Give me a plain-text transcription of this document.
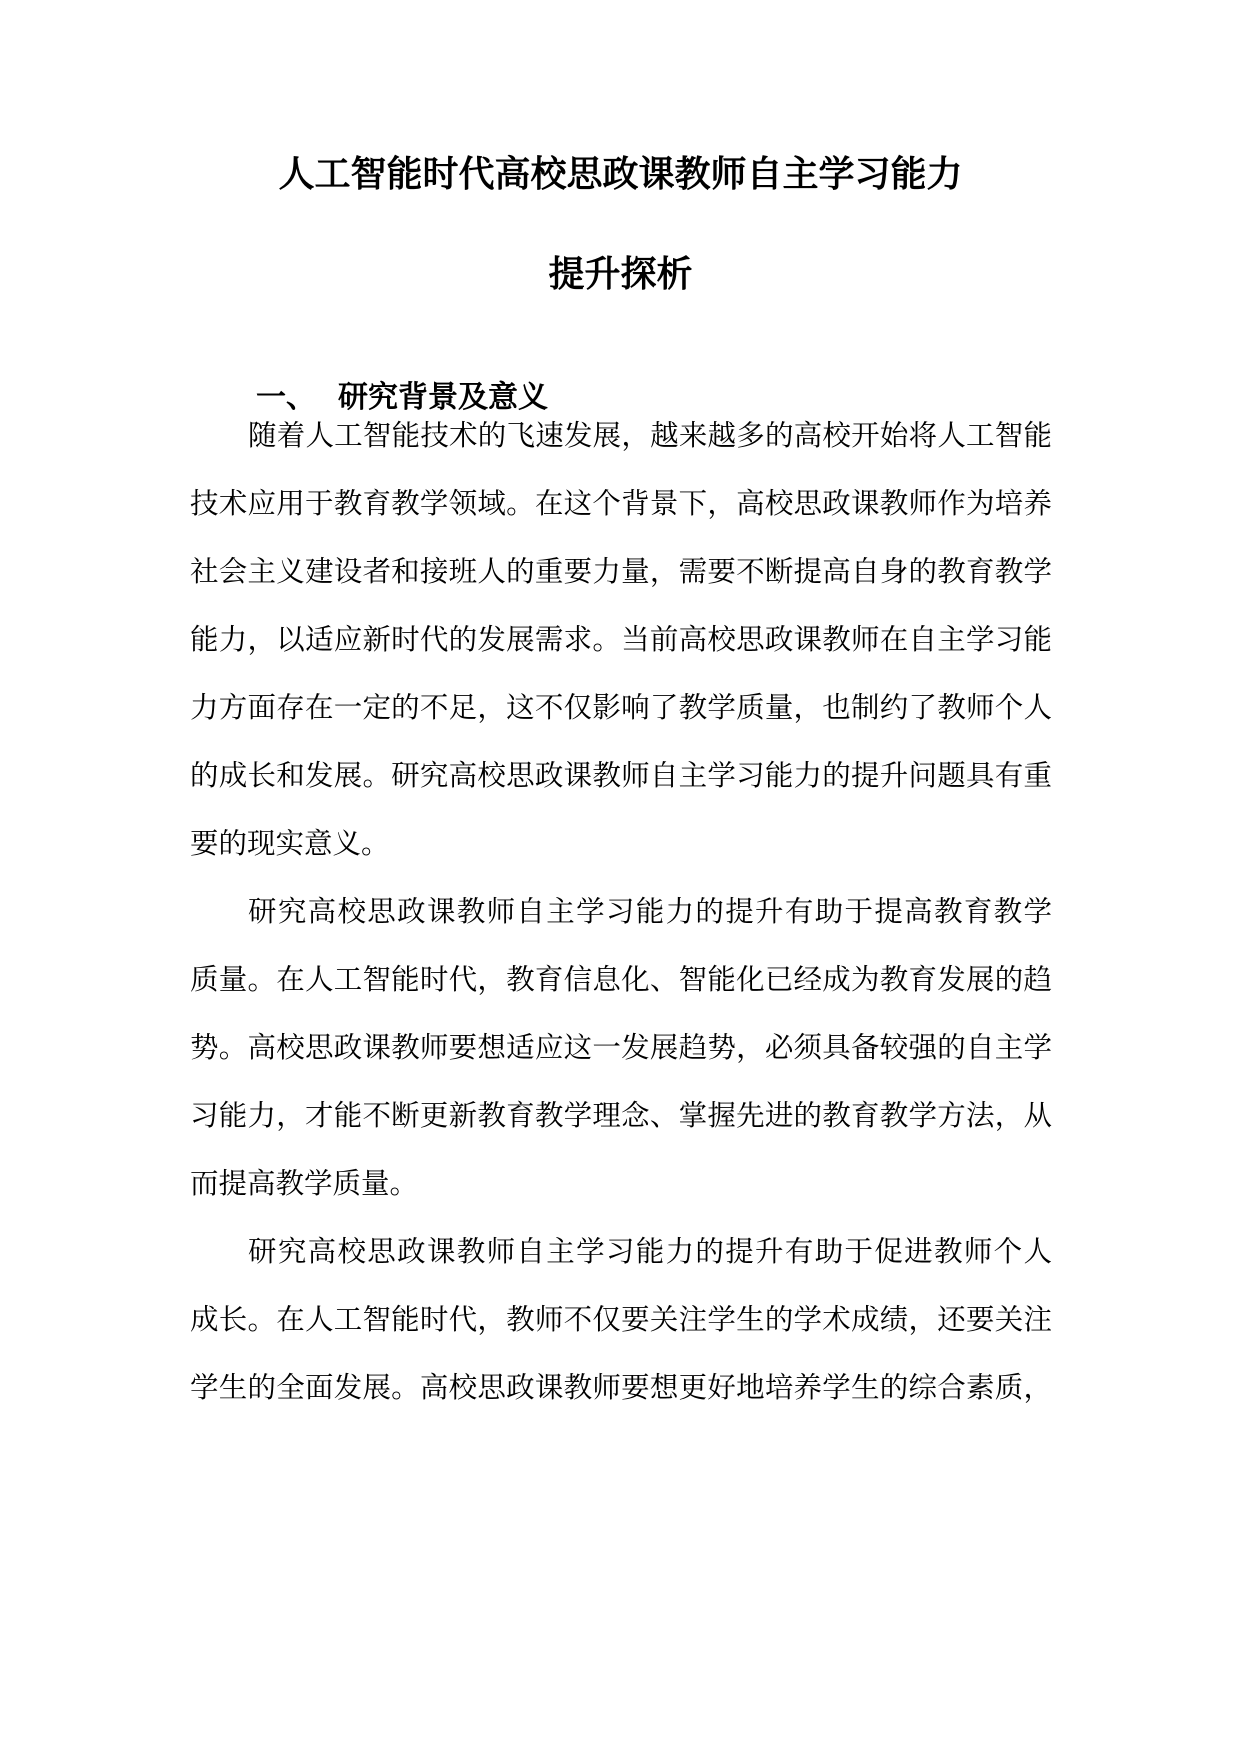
人工智能时代高校思政课教师自主学习能力
提升探析
一、 研究背景及意义
随着人工智能技术的飞速发展，越来越多的高校开始将人工智能
技术应用于教育教学领域。在这个背景下，高校思政课教师作为培养
社会主义建设者和接班人的重要力量，需要不断提高自身的教育教学
能力，以适应新时代的发展需求。当前高校思政课教师在自主学习能
力方面存在一定的不足，这不仅影响了教学质量，也制约了教师个人
的成长和发展。研究高校思政课教师自主学习能力的提升问题具有重
要的现实意义。
研究高校思政课教师自主学习能力的提升有助于提高教育教学
质量。在人工智能时代，教育信息化、智能化已经成为教育发展的趋
势。高校思政课教师要想适应这一发展趋势，必须具备较强的自主学
习能力，才能不断更新教育教学理念、掌握先进的教育教学方法，从
而提高教学质量。
研究高校思政课教师自主学习能力的提升有助于促进教师个人
成长。在人工智能时代，教师不仅要关注学生的学术成绩，还要关注
学生的全面发展。高校思政课教师要想更好地培养学生的综合素质，
